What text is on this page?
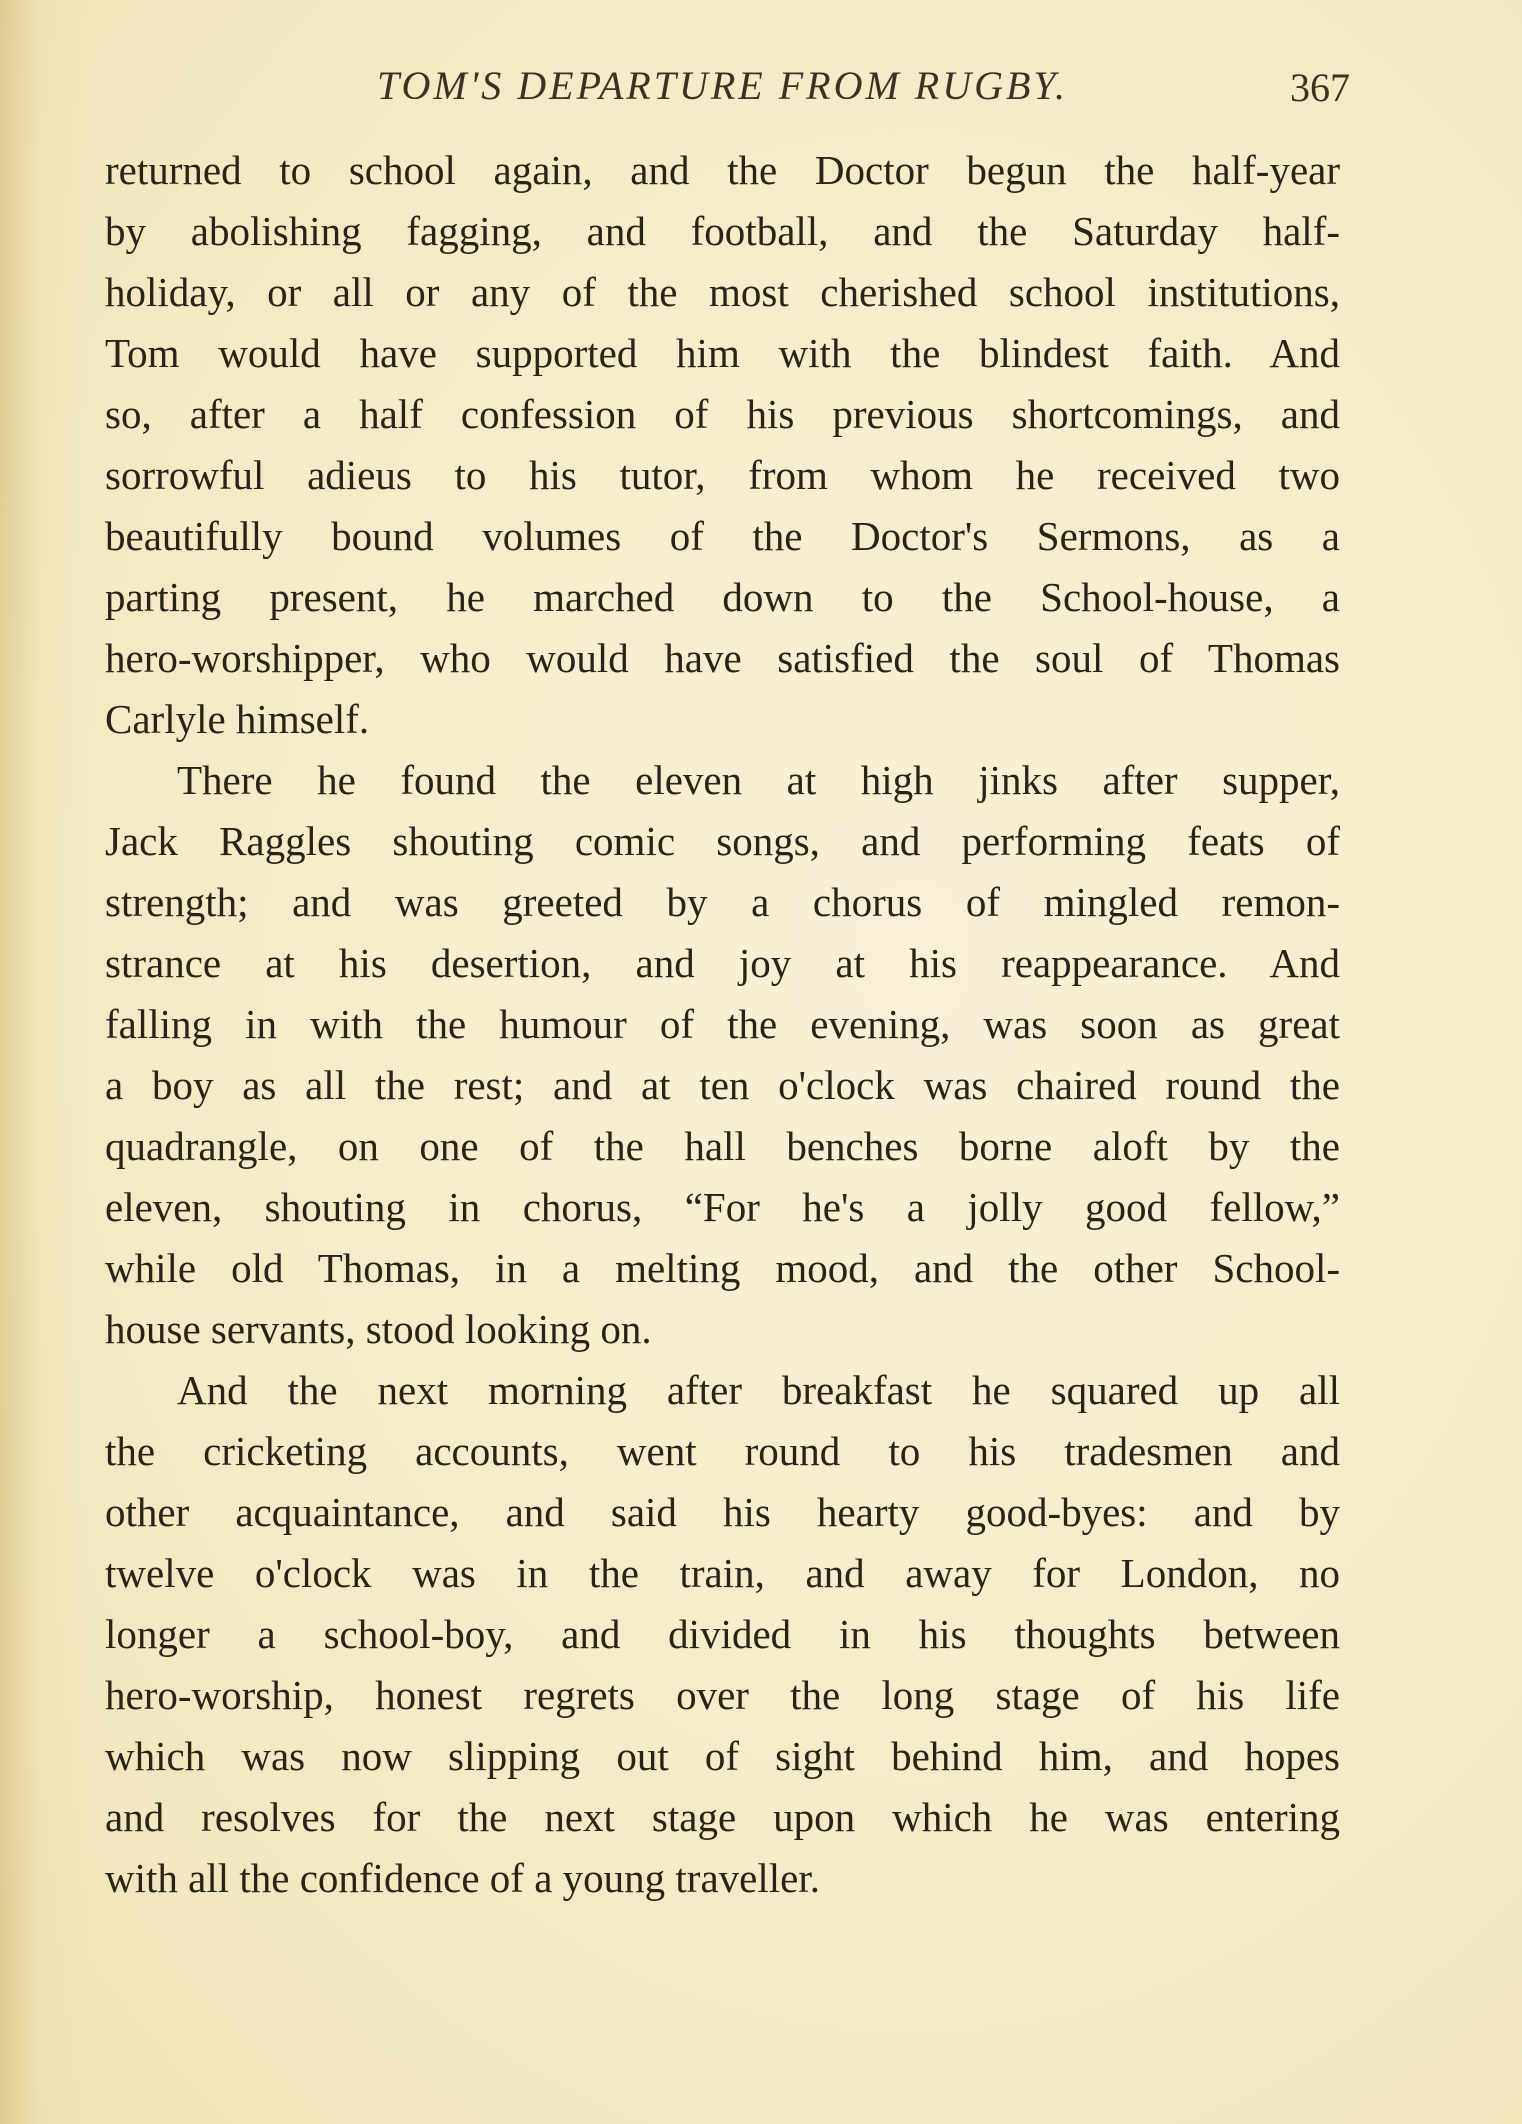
TOM'S DEPARTURE FROM RUGBY.	367
returned to school again, and the Doctor begun the half-year
by abolishing fagging, and football, and the Saturday half-
holiday, or all or any of the most cherished school institutions,
Tom would have supported him with the blindest faith. And
so, after a half confession of his previous shortcomings, and
sorrowful adieus to his tutor, from whom he received two
beautifully bound volumes of the Doctor's Sermons, as a
parting present, he marched down to the School-house, a
hero-worshipper, who would have satisfied the soul of Thomas
Carlyle himself.
There he found the eleven at high jinks after supper,
Jack Raggles shouting comic songs, and performing feats of
strength; and was greeted by a chorus of mingled remon-
strance at his desertion, and joy at his reappearance. And
falling in with the humour of the evening, was soon as great
a boy as all the rest; and at ten o'clock was chaired round the
quadrangle, on one of the hall benches borne aloft by the
eleven, shouting in chorus, “For he's a jolly good fellow,”
while old Thomas, in a melting mood, and the other School-
house servants, stood looking on.
And the next morning after breakfast he squared up all
the cricketing accounts, went round to his tradesmen and
other acquaintance, and said his hearty good-byes: and by
twelve o'clock was in the train, and away for London, no
longer a school-boy, and divided in his thoughts between
hero-worship, honest regrets over the long stage of his life
which was now slipping out of sight behind him, and hopes
and resolves for the next stage upon which he was entering
with all the confidence of a young traveller.
